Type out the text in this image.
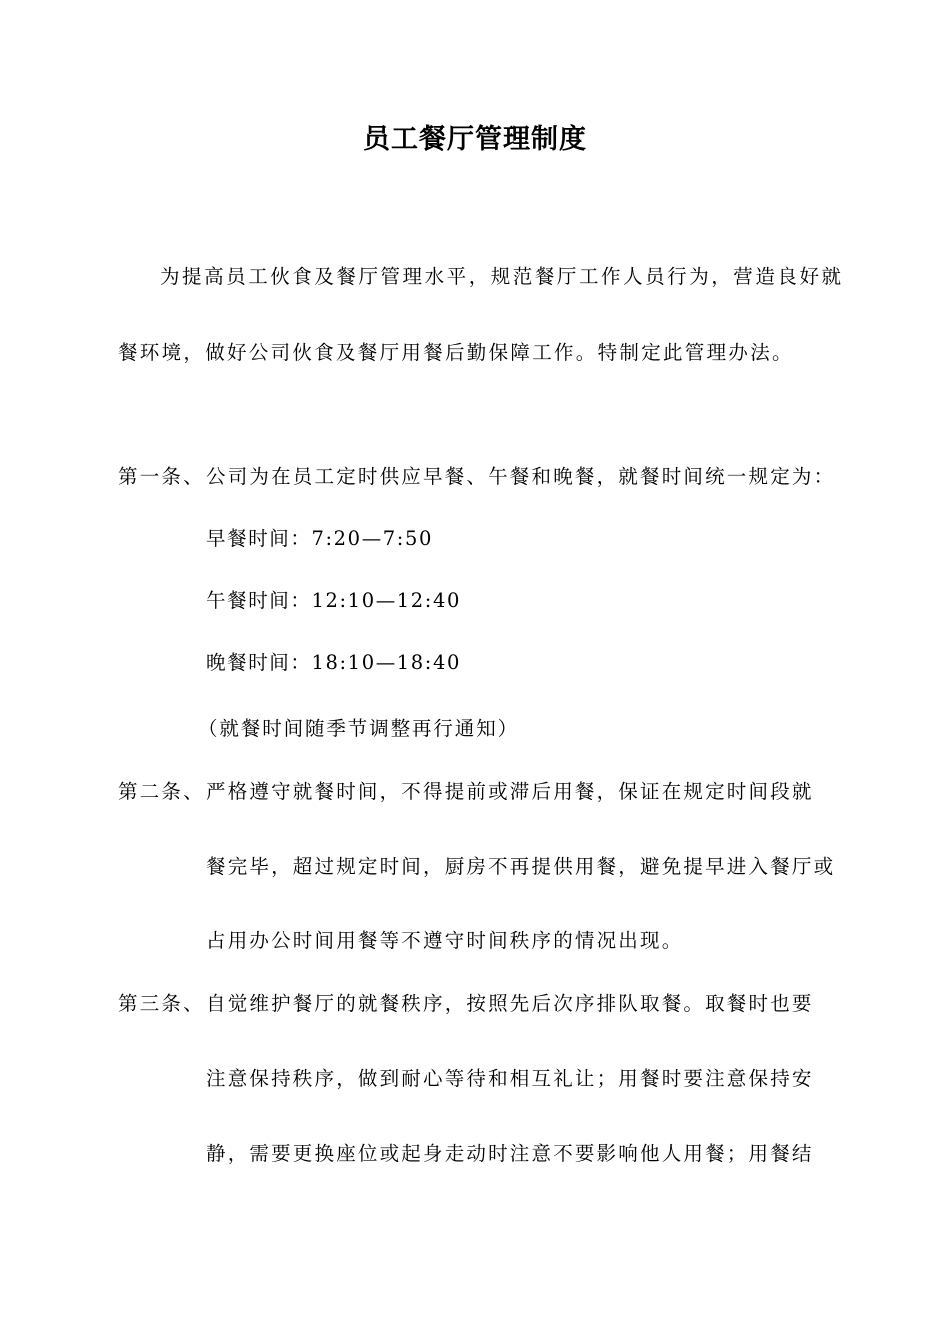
员工餐厅管理制度
为提高员工伙食及餐厅管理水平，规范餐厅工作人员行为，营造良好就
餐环境，做好公司伙食及餐厅用餐后勤保障工作。特制定此管理办法。
第一条、 公司为在员工定时供应早餐、午餐和晚餐，就餐时间统一规定为：
早餐时间：7:20—7:50
午餐时间：12:10—12:40
晚餐时间：18:10—18:40
（就餐时间随季节调整再行通知）
第二条、 严格遵守就餐时间，不得提前或滞后用餐，保证在规定时间段就
餐完毕，超过规定时间，厨房不再提供用餐，避免提早进入餐厅或
占用办公时间用餐等不遵守时间秩序的情况出现。
第三条、 自觉维护餐厅的就餐秩序，按照先后次序排队取餐。取餐时也要
注意保持秩序，做到耐心等待和相互礼让；用餐时要注意保持安
静，需要更换座位或起身走动时注意不要影响他人用餐；用餐结
